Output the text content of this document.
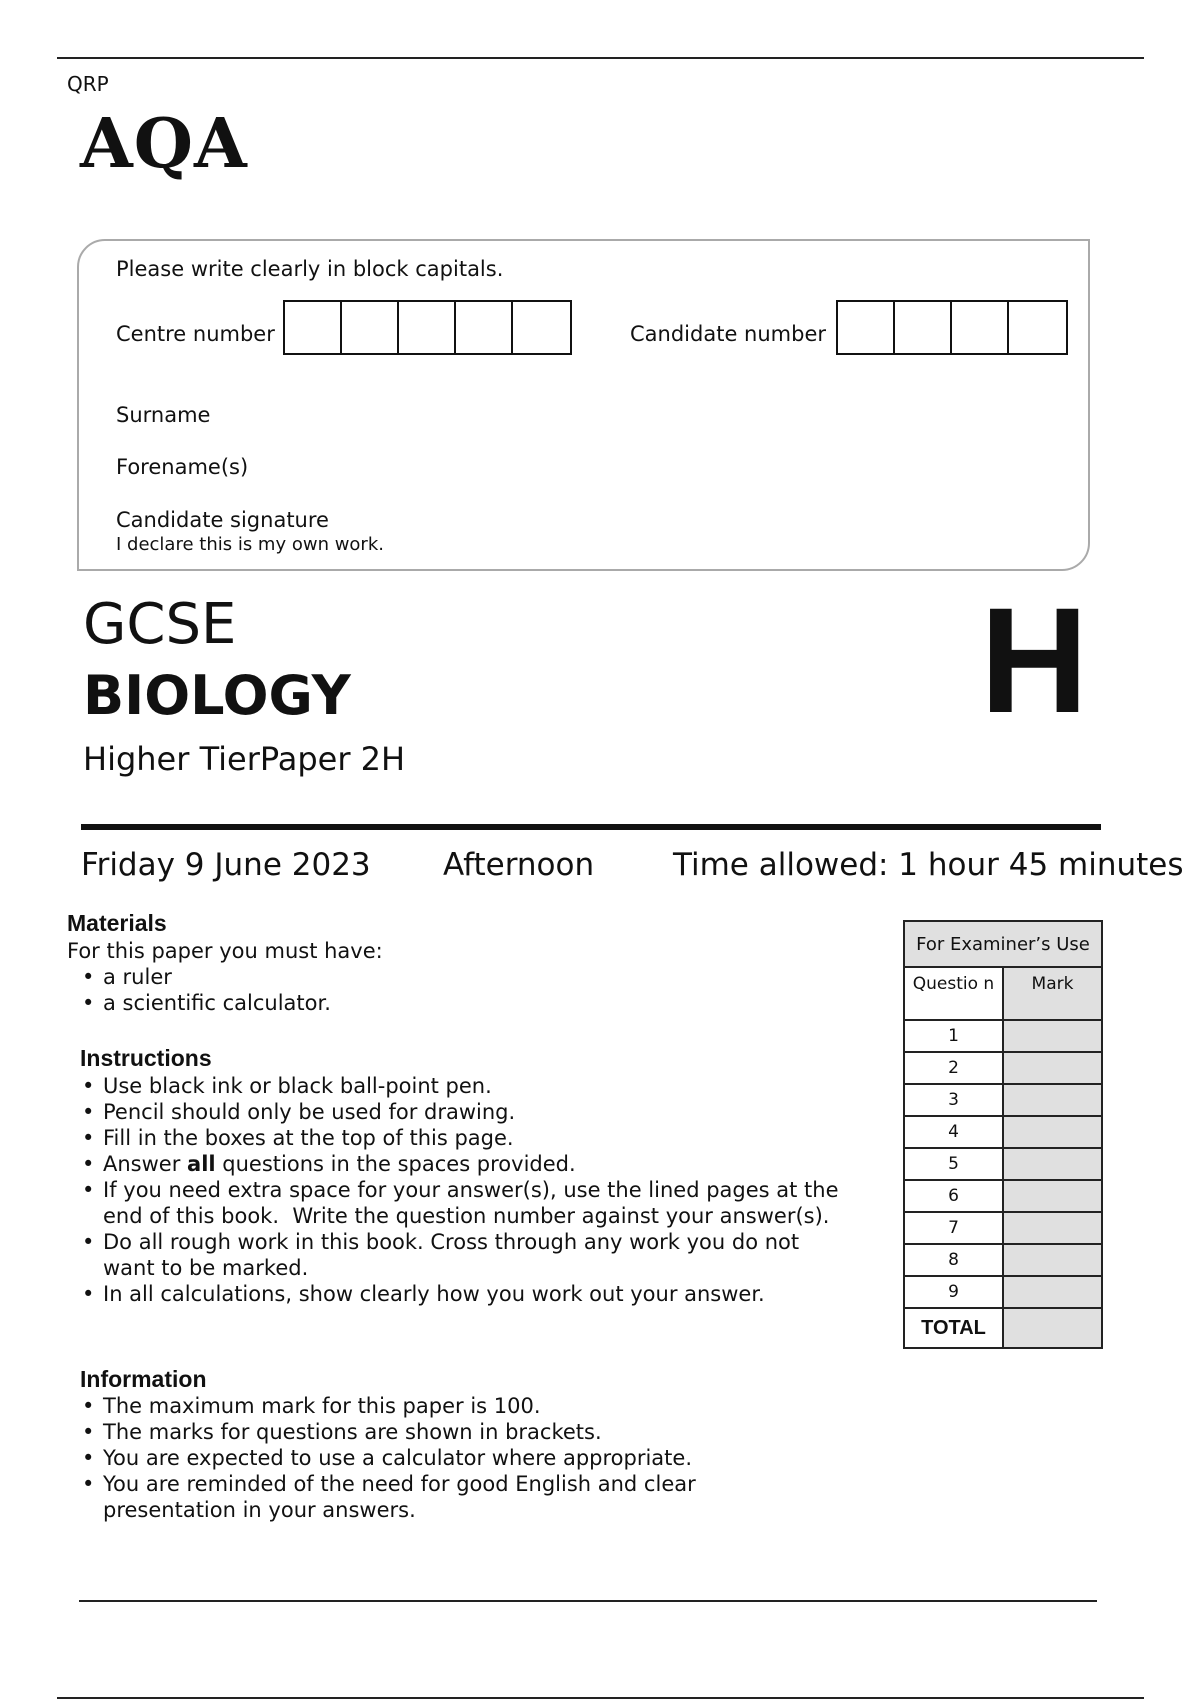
QRP
AQA
Please write clearly in block capitals.
Centre number	Candidate number
Surname
Forename(s)
Candidate signature
I declare this is my own work.
GCSE
BIOLOGY
Higher TierPaper 2H
H
Friday 9 June 2023 Afternoon	Time allowed: 1 hour 45 minutes
Materials
For this paper you must have:
• a ruler
• a scientific calculator.
Instructions
• Use black ink or black ball-point pen.
• Pencil should only be used for drawing.
• Fill in the boxes at the top of this page.
• Answer all questions in the spaces provided.
• If you need extra space for your answer(s), use the lined pages at the end of this book.  Write the question number against your answer(s).
• Do all rough work in this book. Cross through any work you do not want to be marked.
• In all calculations, show clearly how you work out your answer.
Information
• The maximum mark for this paper is 100.
• The marks for questions are shown in brackets.
• You are expected to use a calculator where appropriate.
• You are reminded of the need for good English and clear presentation in your answers.
For Examiner’s Use	
Questio n	Mark
1	
2	
3	
4	
5	
6	
7	
8	
9	
TOTAL	
